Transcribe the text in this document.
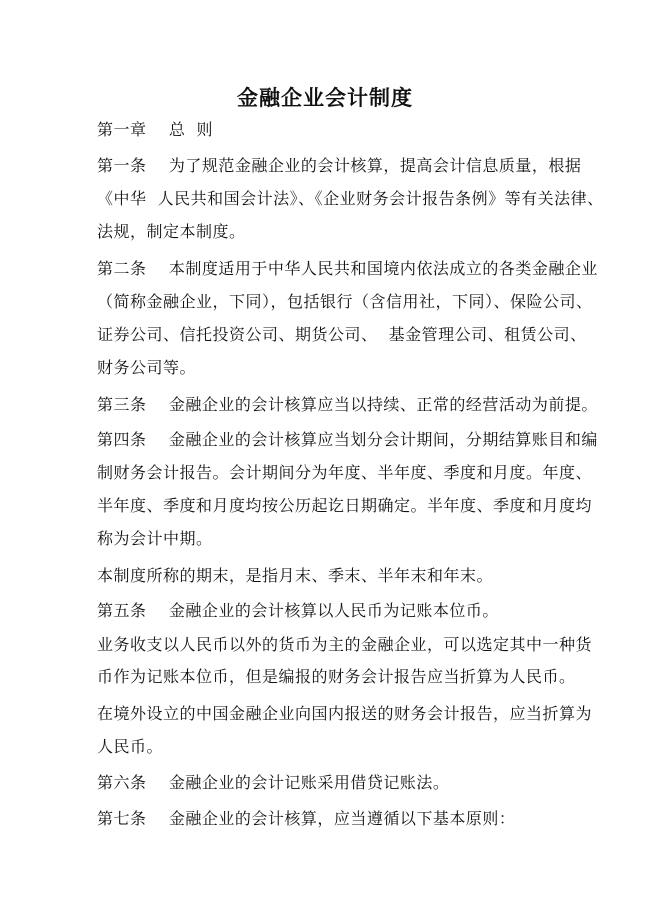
金融企业会计制度
第一章    总  则
第一条    为了规范金融企业的会计核算，提高会计信息质量，根据
《中华  人民共和国会计法》、《企业财务会计报告条例》等有关法律、
法规，制定本制度。
第二条    本制度适用于中华人民共和国境内依法成立的各类金融企业
（简称金融企业，下同），包括银行（含信用社，下同）、保险公司、
证券公司、信托投资公司、期货公司、  基金管理公司、租赁公司、
财务公司等。
第三条    金融企业的会计核算应当以持续、正常的经营活动为前提。
第四条    金融企业的会计核算应当划分会计期间，分期结算账目和编
制财务会计报告。会计期间分为年度、半年度、季度和月度。年度、
半年度、季度和月度均按公历起讫日期确定。半年度、季度和月度均
称为会计中期。
本制度所称的期末，是指月末、季末、半年末和年末。
第五条    金融企业的会计核算以人民币为记账本位币。
业务收支以人民币以外的货币为主的金融企业，可以选定其中一种货
币作为记账本位币，但是编报的财务会计报告应当折算为人民币。
在境外设立的中国金融企业向国内报送的财务会计报告，应当折算为
人民币。
第六条    金融企业的会计记账采用借贷记账法。
第七条    金融企业的会计核算，应当遵循以下基本原则：
